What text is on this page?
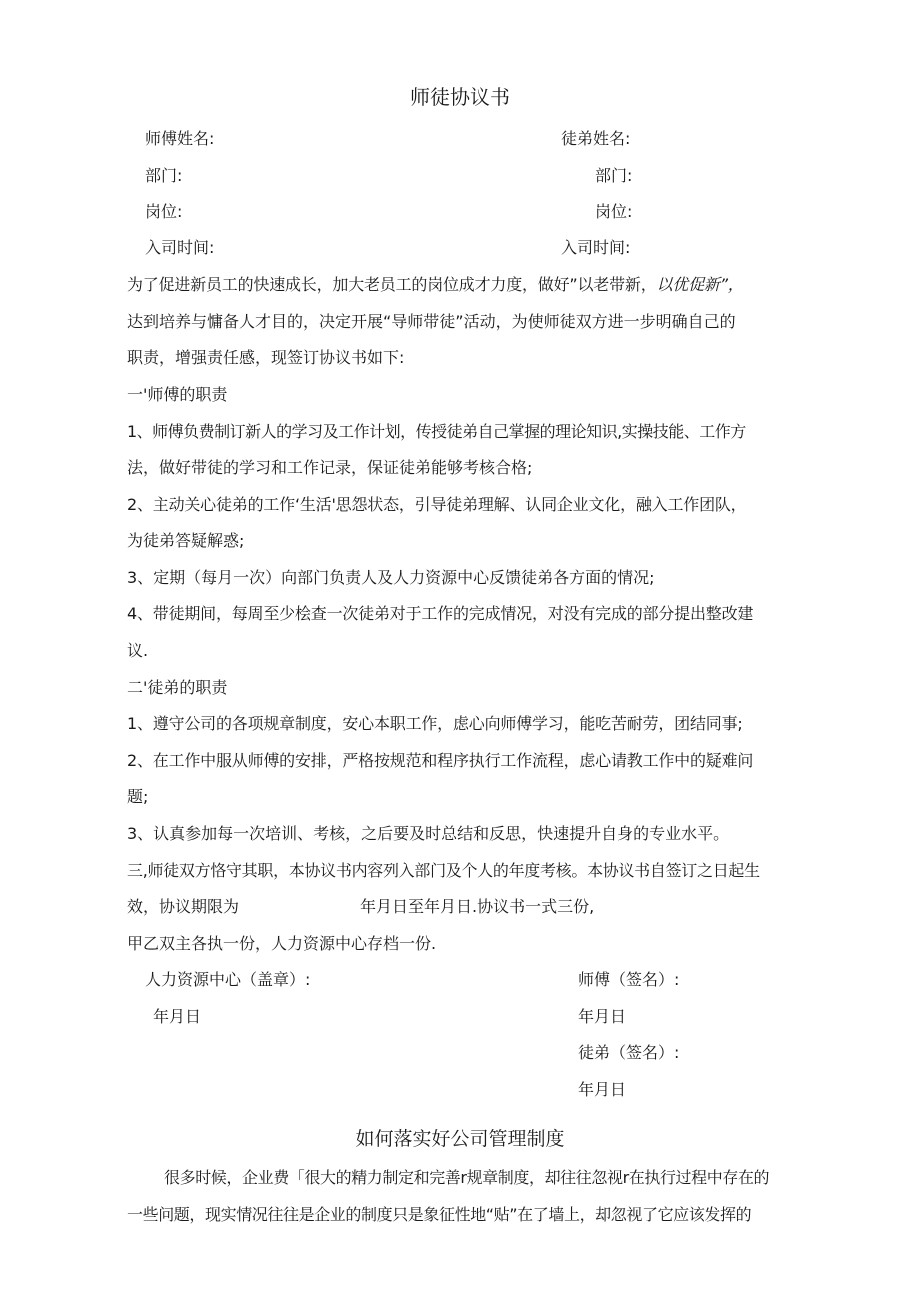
师徒协议书
师傅姓名:	徒弟姓名:
部门:	部门:
岗位:	岗位:
入司时间:	入司时间:
为了促进新员工的快速成长，加大老员工的岗位成才力度，做好”以老带新，以优促新”，
达到培养与慵备人才目的，决定开展“导师带徒”活动，为使师徒双方进一步明确自己的
职责，增强责任感，现签订协议书如下:
一'师傅的职责
1、师傅负费制订新人的学习及工作计划，传授徒弟自己掌握的理论知识,实操技能、工作方
法，做好带徒的学习和工作记录，保证徒弟能够考核合格;
2、主动关心徒弟的工作‘生活'思怨状态，引导徒弟理解、认同企业文化，融入工作团队，
为徒弟答疑解惑;
3、定期（每月一次）向部门负责人及人力资源中心反馈徒弟各方面的情况;
4、带徒期间，每周至少桧查一次徒弟对于工作的完成情况，对没有完成的部分提出整改建
议.
二'徒弟的职责
1、遵守公司的各项规章制度，安心本职工作，虑心向师傅学习，能吃苦耐劳，团结同事;
2、在工作中服从师傅的安排，严格按规范和程序执行工作流程，虑心请教工作中的疑难问
题;
3、认真参加每一次培训、考核，之后要及时总结和反思，快速提升自身的专业水平。
三,师徒双方恪守其职，本协议书内容列入部门及个人的年度考核。本协议书自签订之日起生
效，协议期限为	年月日至年月日.协议书一式三份,
甲乙双主各执一份，人力资源中心存档一份.
人力资源中心（盖章）:	师傅（签名）:
年月日	年月日
徒弟（签名）:
年月日
如何落实好公司管理制度
很多时候，企业费「很大的精力制定和完善r规章制度，却往往忽视r在执行过程中存在的
一些问题，现实情况往往是企业的制度只是象征性地“贴”在了墙上，却忽视了它应该发挥的
